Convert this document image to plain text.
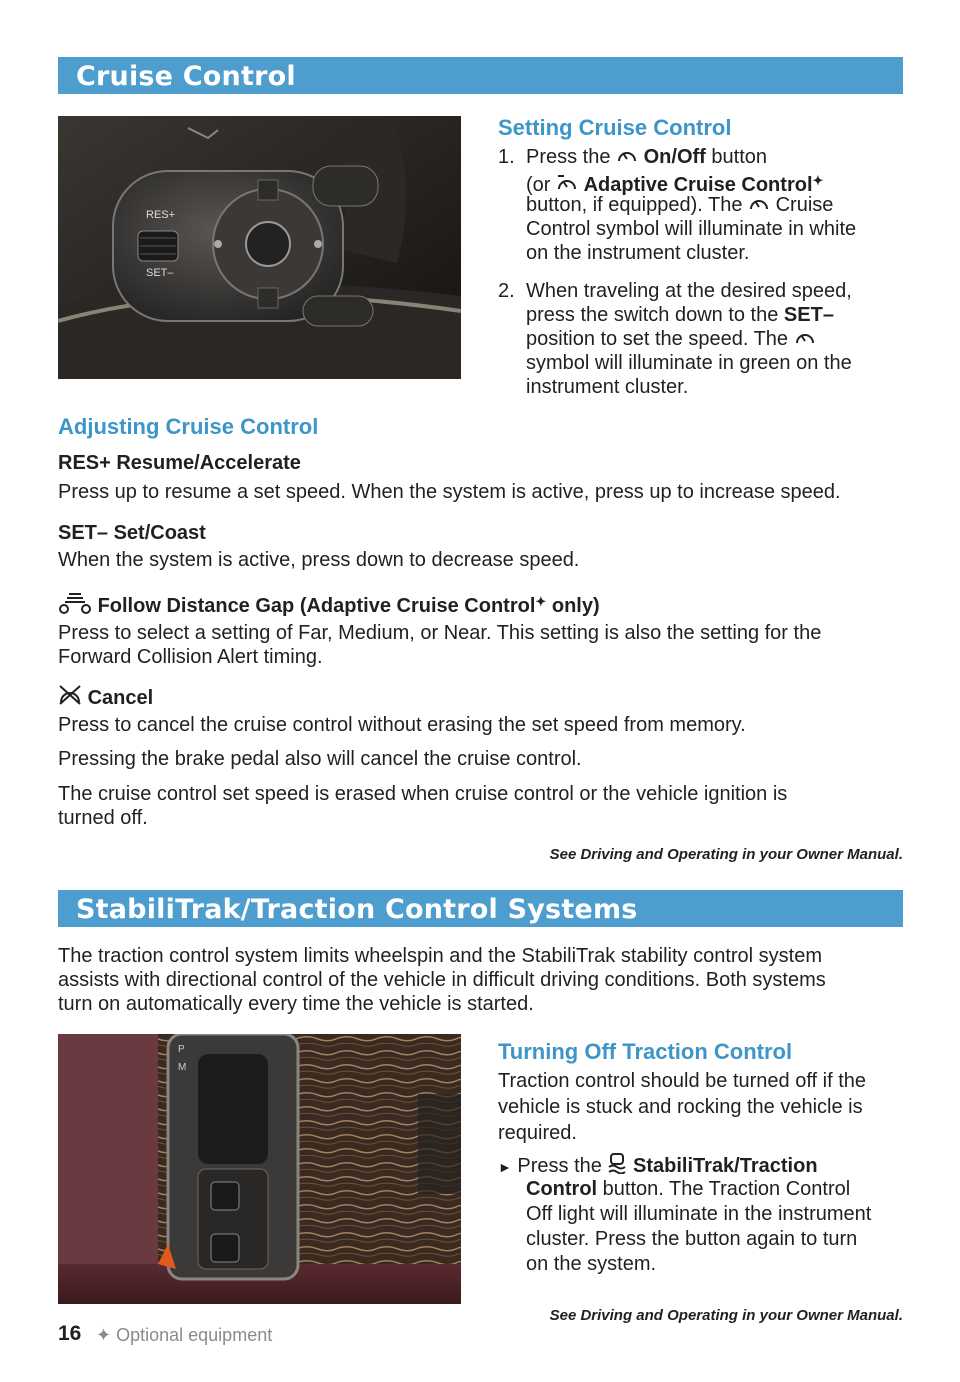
Cruise Control
RES+
SET–
Setting Cruise Control
1. Press the On/Off button
(or Adaptive Cruise Control✦
button, if equipped). The Cruise
Control symbol will illuminate in white
on the instrument cluster.
2. When traveling at the desired speed,
press the switch down to the SET–
position to set the speed. The
symbol will illuminate in green on the
instrument cluster.
Adjusting Cruise Control
RES+ Resume/Accelerate
Press up to resume a set speed. When the system is active, press up to increase speed.
SET– Set/Coast
When the system is active, press down to decrease speed.
Follow Distance Gap (Adaptive Cruise Control✦ only)
Press to select a setting of Far, Medium, or Near. This setting is also the setting for the
Forward Collision Alert timing.
Cancel
Press to cancel the cruise control without erasing the set speed from memory.
Pressing the brake pedal also will cancel the cruise control.
The cruise control set speed is erased when cruise control or the vehicle ignition is
turned off.
See Driving and Operating in your Owner Manual.
StabiliTrak/Traction Control Systems
The traction control system limits wheelspin and the StabiliTrak stability control system
assists with directional control of the vehicle in difficult driving conditions. Both systems
turn on automatically every time the vehicle is started.
P
M
Turning Off Traction Control
Traction control should be turned off if the
vehicle is stuck and rocking the vehicle is
required.
► Press the StabiliTrak/Traction
Control button. The Traction Control
Off light will illuminate in the instrument
cluster. Press the button again to turn
on the system.
See Driving and Operating in your Owner Manual.
16 ✦ Optional equipment
